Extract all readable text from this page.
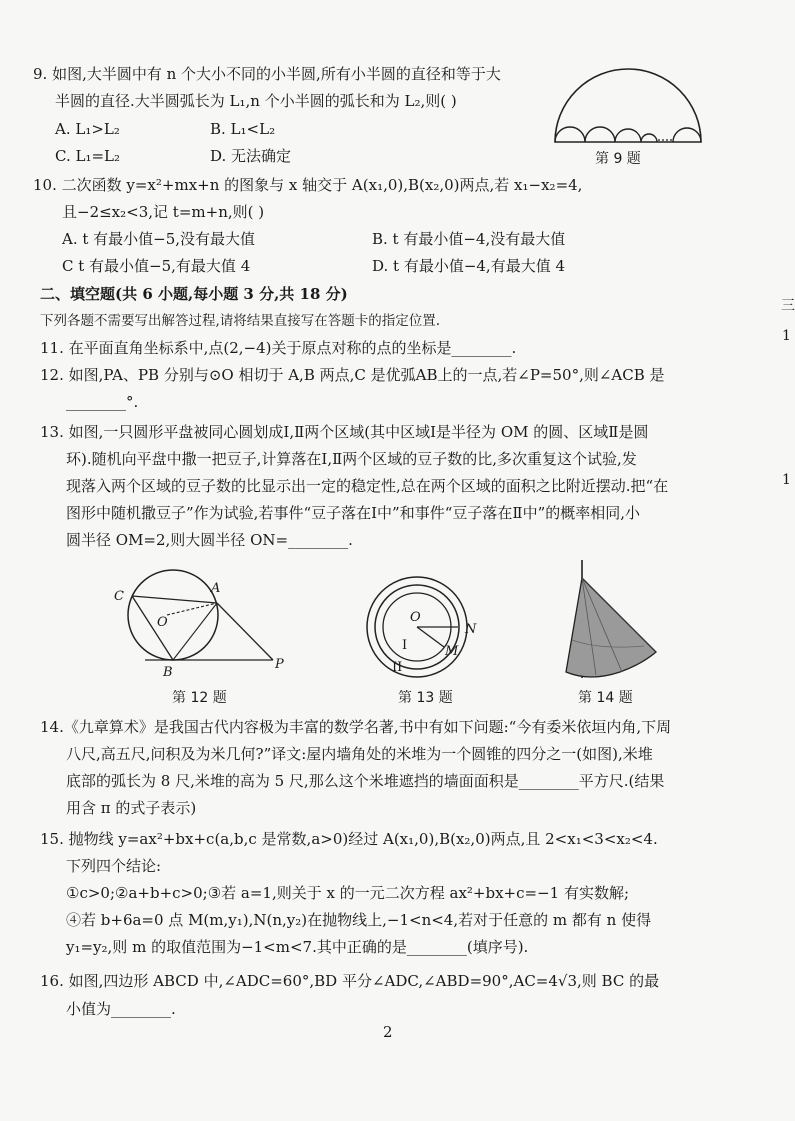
9. 如图,大半圆中有 n 个大小不同的小半圆,所有小半圆的直径和等于大
半圆的直径.大半圆弧长为 L₁,n 个小半圆的弧长和为 L₂,则( )
A. L₁>L₂	B. L₁<L₂
C. L₁=L₂	D. 无法确定	第 9 题
10. 二次函数 y=x²+mx+n 的图象与 x 轴交于 A(x₁,0),B(x₂,0)两点,若 x₁−x₂=4,
且−2≤x₂<3,记 t=m+n,则( )
A. t 有最小值−5,没有最大值	B. t 有最小值−4,没有最大值
C t 有最小值−5,有最大值 4	D. t 有最小值−4,有最大值 4
二、填空题(共 6 小题,每小题 3 分,共 18 分)
下列各题不需要写出解答过程,请将结果直接写在答题卡的指定位置.
11. 在平面直角坐标系中,点(2,−4)关于原点对称的点的坐标是________.
12. 如图,PA、PB 分别与⊙O 相切于 A,B 两点,C 是优弧AB上的一点,若∠P=50°,则∠ACB 是
________°.
13. 如图,一只圆形平盘被同心圆划成Ⅰ,Ⅱ两个区域(其中区域Ⅰ是半径为 OM 的圆、区域Ⅱ是圆
环).随机向平盘中撒一把豆子,计算落在Ⅰ,Ⅱ两个区域的豆子数的比,多次重复这个试验,发
现落入两个区域的豆子数的比显示出一定的稳定性,总在两个区域的面积之比附近摆动.把“在
图形中随机撒豆子”作为试验,若事件“豆子落在Ⅰ中”和事件“豆子落在Ⅱ中”的概率相同,小
圆半径 OM=2,则大圆半径 ON=________.
C
A
O
B
P
第 12 题
O
N
M
I
II
第 13 题	第 14 题
14.《九章算术》是我国古代内容极为丰富的数学名著,书中有如下问题:“今有委米依垣内角,下周
八尺,高五尺,问积及为米几何?”译文:屋内墙角处的米堆为一个圆锥的四分之一(如图),米堆
底部的弧长为 8 尺,米堆的高为 5 尺,那么这个米堆遮挡的墙面面积是________平方尺.(结果
用含 π 的式子表示)
15. 抛物线 y=ax²+bx+c(a,b,c 是常数,a>0)经过 A(x₁,0),B(x₂,0)两点,且 2<x₁<3<x₂<4.
下列四个结论:
①c>0;②a+b+c>0;③若 a=1,则关于 x 的一元二次方程 ax²+bx+c=−1 有实数解;
④若 b+6a=0 点 M(m,y₁),N(n,y₂)在抛物线上,−1<n<4,若对于任意的 m 都有 n 使得
y₁=y₂,则 m 的取值范围为−1<m<7.其中正确的是________(填序号).
16. 如图,四边形 ABCD 中,∠ADC=60°,BD 平分∠ADC,∠ABD=90°,AC=4√3,则 BC 的最
小值为________.
2
三
1
1
